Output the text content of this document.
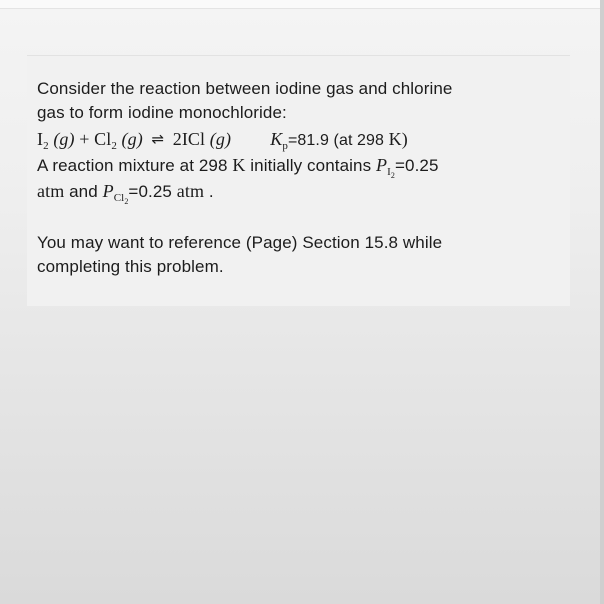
Consider the reaction between iodine gas and chlorine
gas to form iodine monochloride:
$I_2$ $(g) + Cl_2$ (g) ⇌ 2ICl (g) $K_p=81.9$ (at 298 K)
A reaction mixture at 298 K initially contains $P_{I_2}=0.25$
atm and $P_{Cl_2}=0.25$ atm .
You may want to reference (Page) Section 15.8 while
completing this problem.
